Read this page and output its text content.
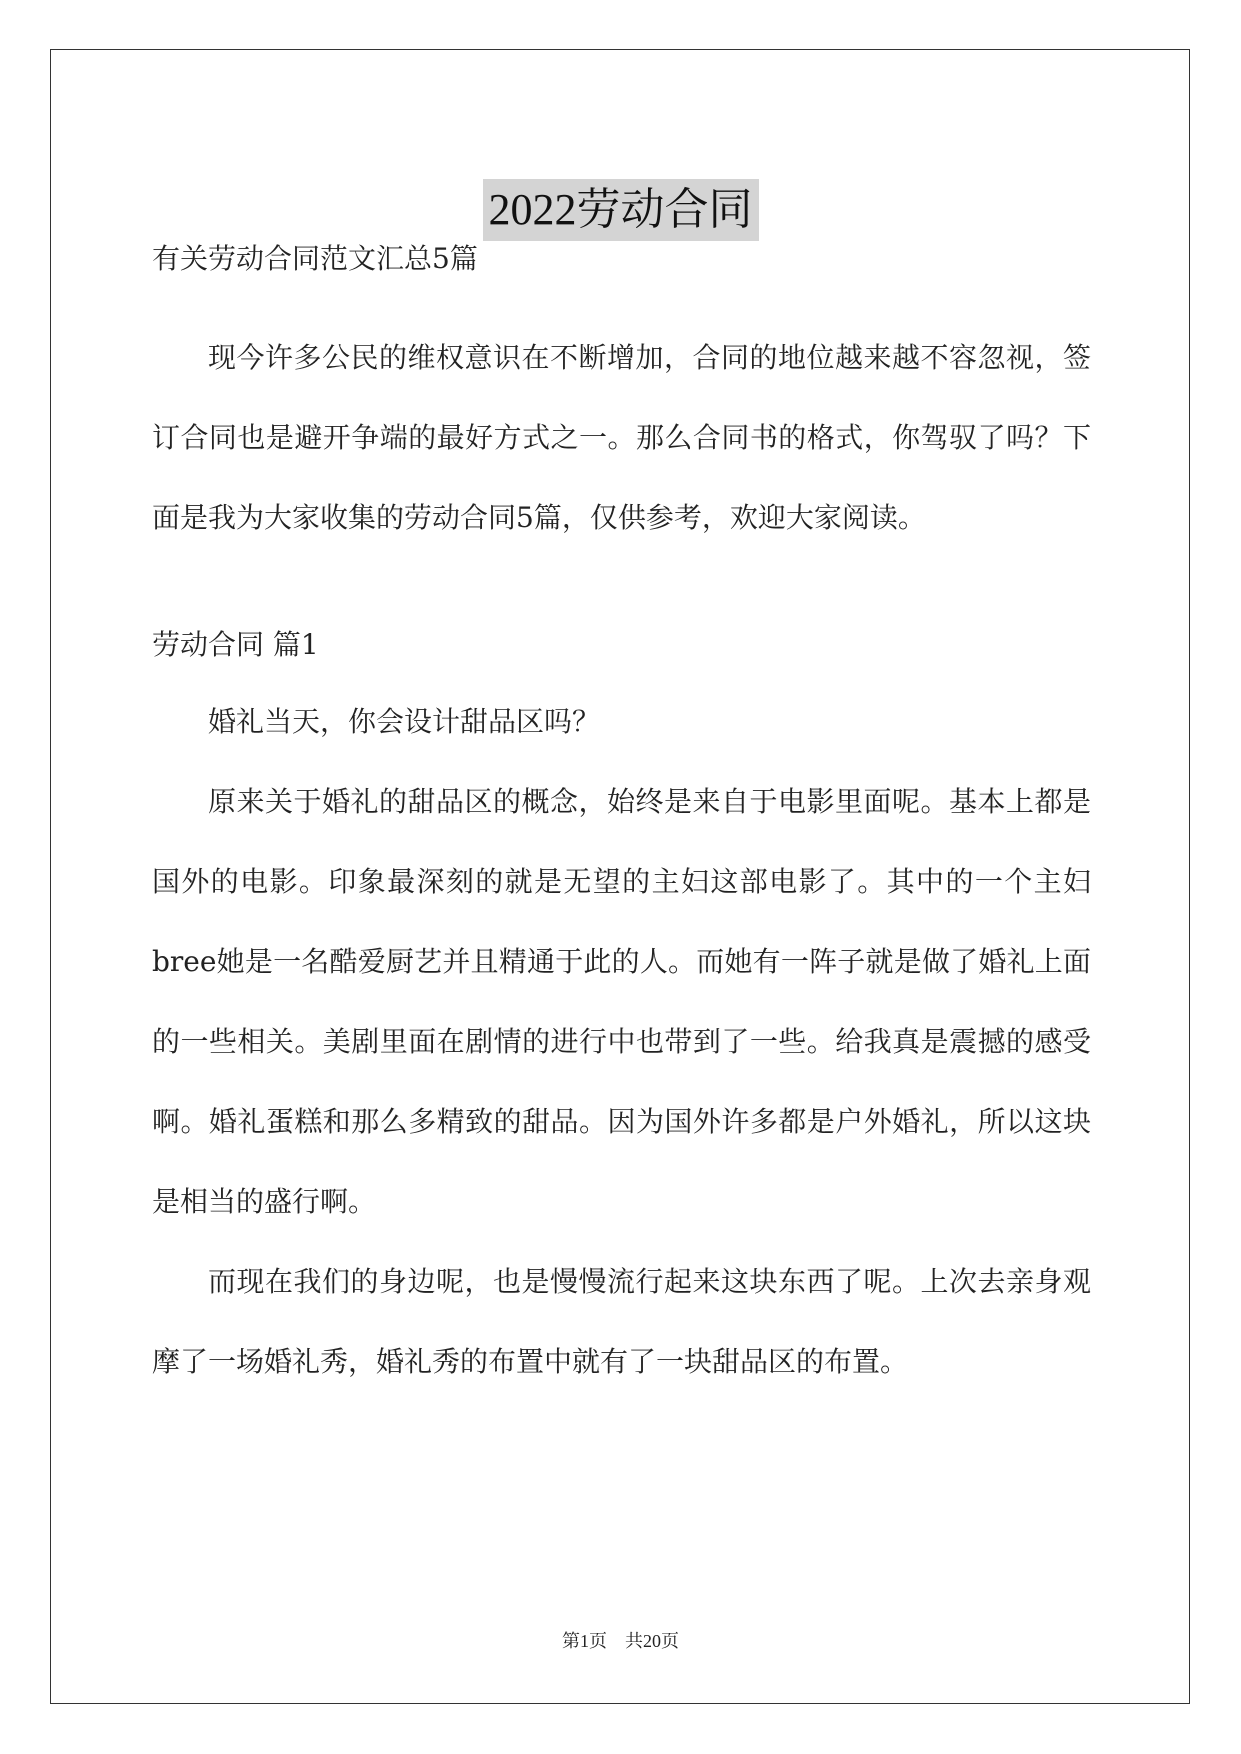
2022劳动合同

有关劳动合同范文汇总5篇

现今许多公民的维权意识在不断增加，合同的地位越来越不容忽视，签订合同也是避开争端的最好方式之一。那么合同书的格式，你驾驭了吗？下面是我为大家收集的劳动合同5篇，仅供参考，欢迎大家阅读。

劳动合同 篇1

婚礼当天，你会设计甜品区吗？

原来关于婚礼的甜品区的概念，始终是来自于电影里面呢。基本上都是国外的电影。印象最深刻的就是无望的主妇这部电影了。其中的一个主妇bree她是一名酷爱厨艺并且精通于此的人。而她有一阵子就是做了婚礼上面的一些相关。美剧里面在剧情的进行中也带到了一些。给我真是震撼的感受啊。婚礼蛋糕和那么多精致的甜品。因为国外许多都是户外婚礼，所以这块是相当的盛行啊。

而现在我们的身边呢，也是慢慢流行起来这块东西了呢。上次去亲身观摩了一场婚礼秀，婚礼秀的布置中就有了一块甜品区的布置。

第1页 共20页
